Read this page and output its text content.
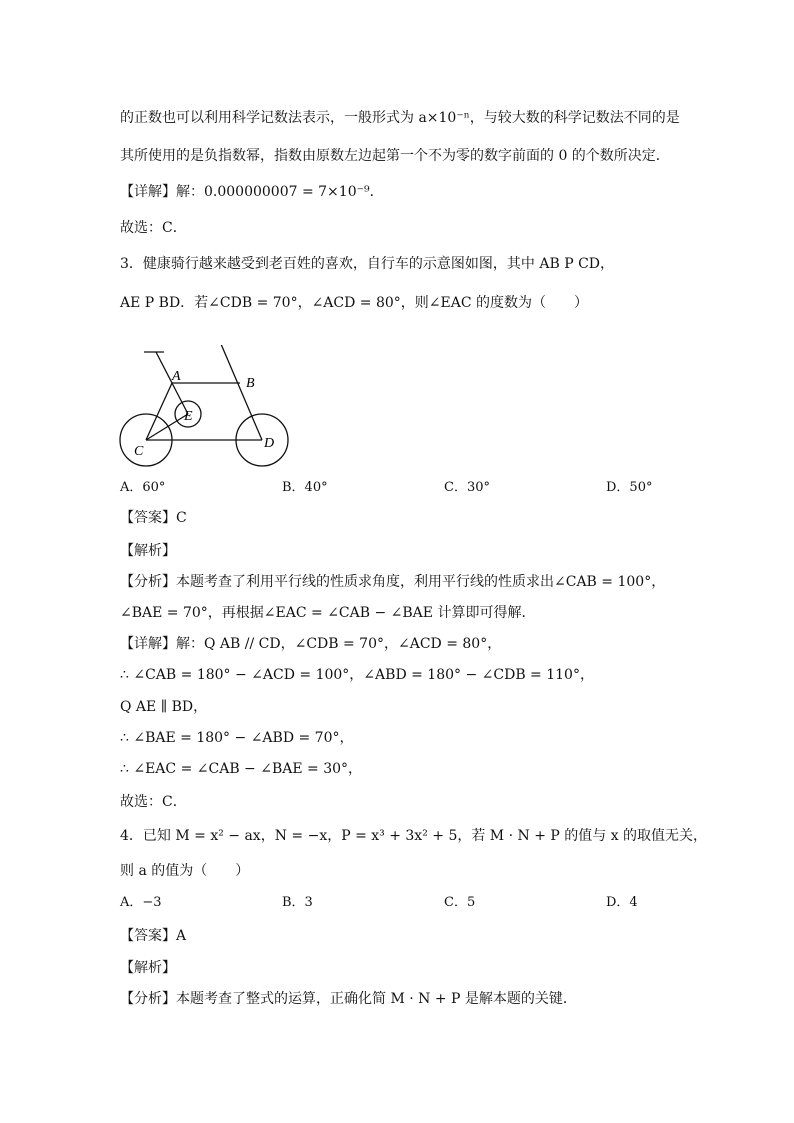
的正数也可以利用科学记数法表示，一般形式为 a×10⁻ⁿ，与较大数的科学记数法不同的是
其所使用的是负指数幂，指数由原数左边起第一个不为零的数字前面的 0 的个数所决定．
【详解】解：0.000000007 = 7×10⁻⁹．
故选：C．
3．健康骑行越来越受到老百姓的喜欢，自行车的示意图如图，其中 AB P CD，
AE P BD．若∠CDB = 70°，∠ACD = 80°，则∠EAC 的度数为（　　）
【答案】C
【解析】
【分析】本题考查了利用平行线的性质求角度，利用平行线的性质求出∠CAB = 100°，
∠BAE = 70°，再根据∠EAC = ∠CAB − ∠BAE 计算即可得解．
【详解】解：Q AB // CD，∠CDB = 70°，∠ACD = 80°，
∴ ∠CAB = 180° − ∠ACD = 100°，∠ABD = 180° − ∠CDB = 110°，
Q AE ∥ BD，
∴ ∠BAE = 180° − ∠ABD = 70°，
∴ ∠EAC = ∠CAB − ∠BAE = 30°，
故选：C．
4．已知 M = x² − ax，N = −x，P = x³ + 3x² + 5，若 M · N + P 的值与 x 的取值无关，
则 a 的值为（　　）
【答案】A
【解析】
【分析】本题考查了整式的运算，正确化简 M · N + P 是解本题的关键．
A	B
C
D
E
A．60°	B．40°	C．30°	D．50°
A．−3	B．3	C．5	D．4
